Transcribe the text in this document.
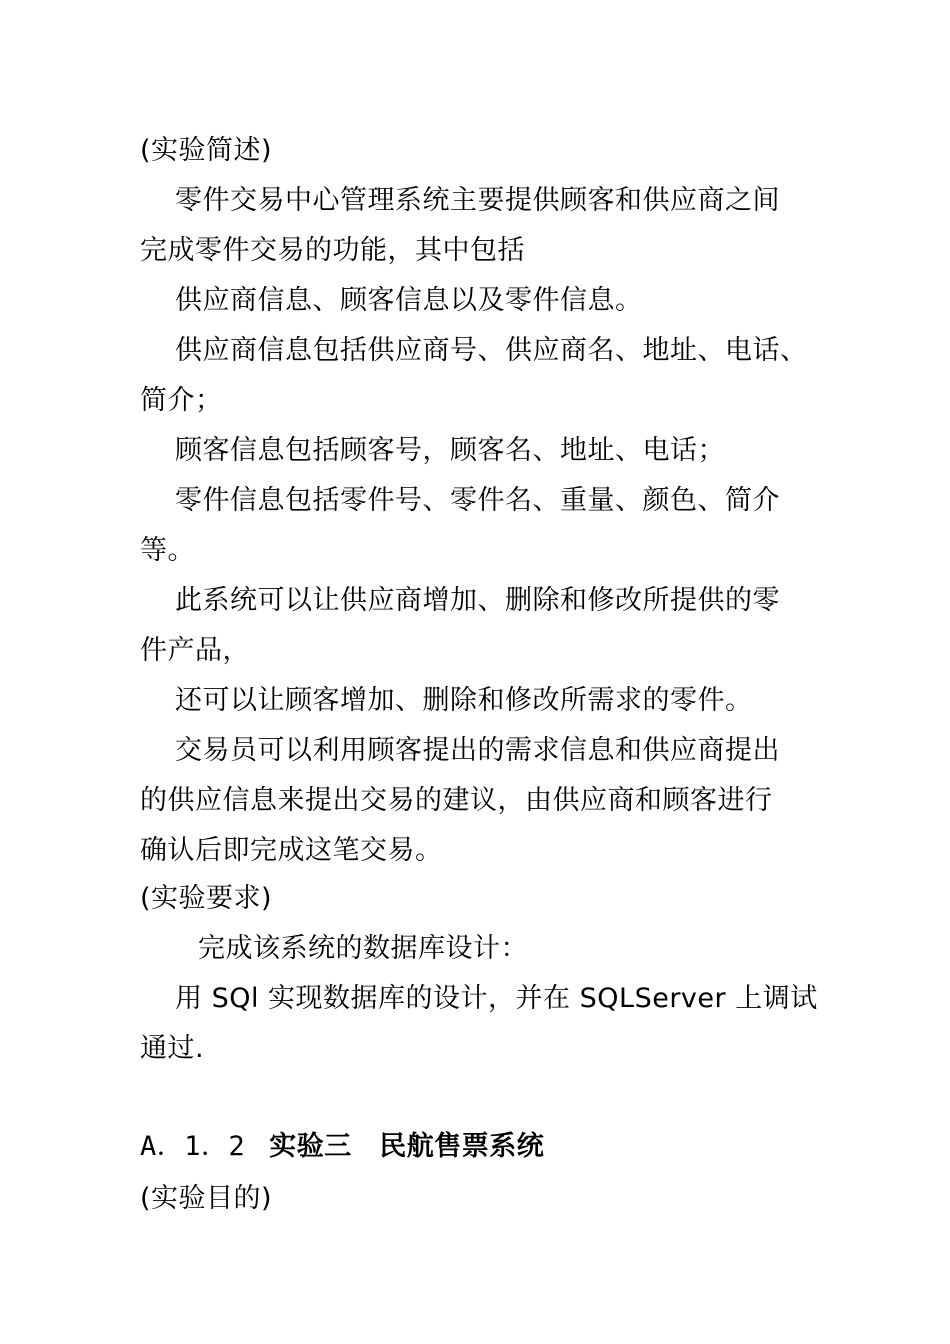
(实验简述)
零件交易中心管理系统主要提供顾客和供应商之间
完成零件交易的功能，其中包括
供应商信息、顾客信息以及零件信息。
供应商信息包括供应商号、供应商名、地址、电话、
简介；
顾客信息包括顾客号，顾客名、地址、电话；
零件信息包括零件号、零件名、重量、颜色、简介
等。
此系统可以让供应商增加、删除和修改所提供的零
件产品，
还可以让顾客增加、删除和修改所需求的零件。
交易员可以利用顾客提出的需求信息和供应商提出
的供应信息来提出交易的建议，由供应商和顾客进行
确认后即完成这笔交易。
(实验要求)
完成该系统的数据库设计：
用 SQl 实现数据库的设计，并在 SQLServer 上调试
通过.
A．1．2 实验三　民航售票系统
(实验目的)
